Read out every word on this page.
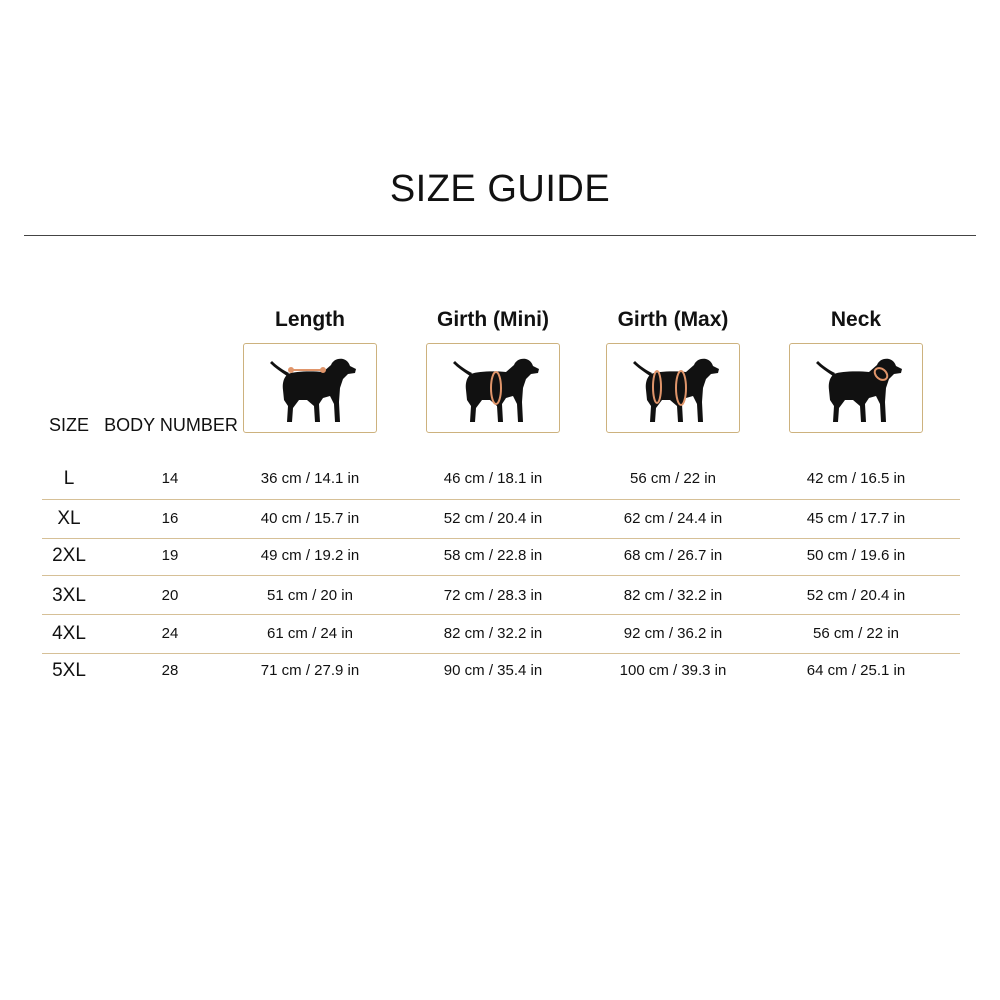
SIZE GUIDE
Length	Girth (Mini)	Girth (Max)	Neck
SIZE BODY NUMBER
L	14	36 cm / 14.1 in	46 cm / 18.1 in	56 cm / 22 in	42 cm / 16.5 in
XL	16	40 cm / 15.7 in	52 cm / 20.4 in	62 cm / 24.4 in	45 cm / 17.7 in
2XL	19	49 cm / 19.2 in	58 cm / 22.8 in	68 cm / 26.7 in	50 cm / 19.6 in
3XL	20	51 cm / 20 in	72 cm / 28.3 in	82 cm / 32.2 in	52 cm / 20.4 in
4XL	24	61 cm / 24 in	82 cm / 32.2 in	92 cm / 36.2 in	56 cm / 22 in
5XL	28	71 cm / 27.9 in	90 cm / 35.4 in	100 cm / 39.3 in	64 cm / 25.1 in
